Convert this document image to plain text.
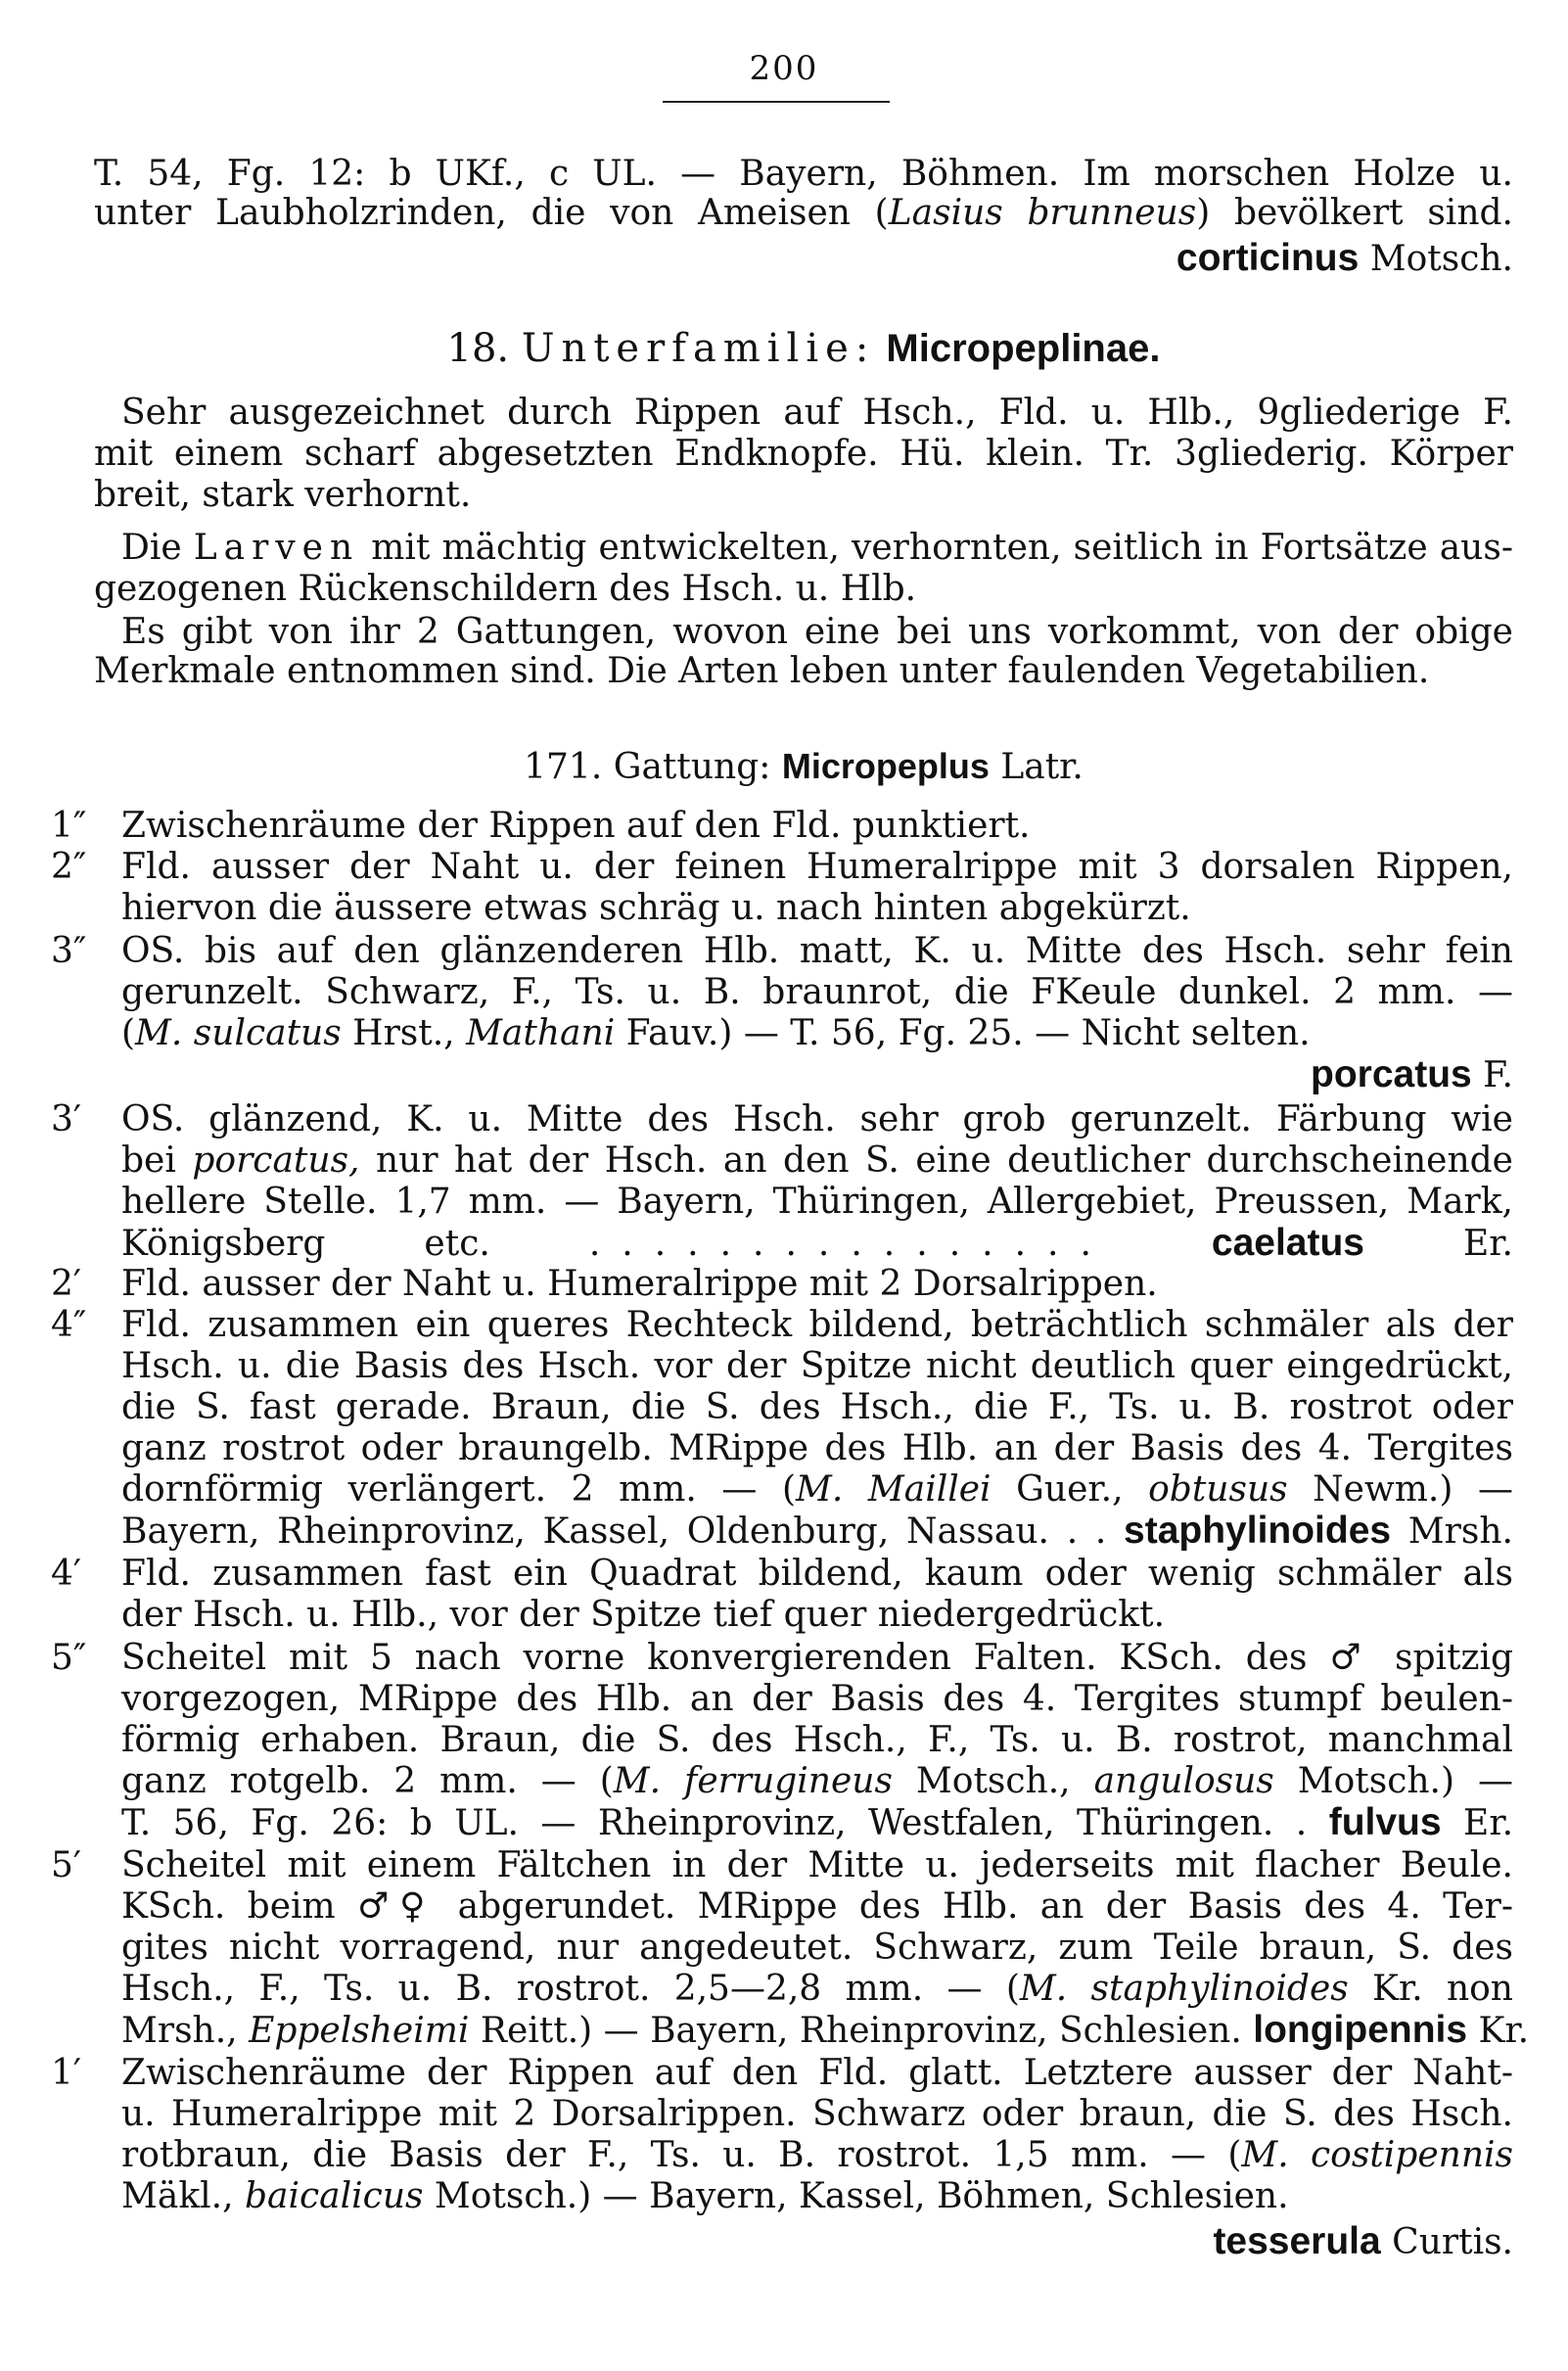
200
T. 54, Fg. 12: b UKf., c UL. — Bayern, Böhmen. Im morschen Holze u.
unter Laubholzrinden, die von Ameisen (Lasius brunneus) bevölkert sind.
corticinus Motsch.
18. Unterfamilie: Micropeplinae.
Sehr ausgezeichnet durch Rippen auf Hsch., Fld. u. Hlb., 9gliederige F.
mit einem scharf abgesetzten Endknopfe. Hü. klein. Tr. 3gliederig. Körper
breit, stark verhornt.
Die Larven mit mächtig entwickelten, verhornten, seitlich in Fortsätze aus-
gezogenen Rückenschildern des Hsch. u. Hlb.
Es gibt von ihr 2 Gattungen, wovon eine bei uns vorkommt, von der obige
Merkmale entnommen sind. Die Arten leben unter faulenden Vegetabilien.
171. Gattung: Micropeplus Latr.
1″ Zwischenräume der Rippen auf den Fld. punktiert.
2″ Fld. ausser der Naht u. der feinen Humeralrippe mit 3 dorsalen Rippen,
hiervon die äussere etwas schräg u. nach hinten abgekürzt.
3″ OS. bis auf den glänzenderen Hlb. matt, K. u. Mitte des Hsch. sehr fein
gerunzelt. Schwarz, F., Ts. u. B. braunrot, die FKeule dunkel. 2 mm. —
(M. sulcatus Hrst., Mathani Fauv.) — T. 56, Fg. 25. — Nicht selten.
porcatus F.
3′	OS. glänzend, K. u. Mitte des Hsch. sehr grob gerunzelt. Färbung wie
bei porcatus, nur hat der Hsch. an den S. eine deutlicher durchscheinende
hellere Stelle. 1,7 mm. — Bayern, Thüringen, Allergebiet, Preussen, Mark,
Königsberg etc.	................	caelatus Er.
2′	Fld. ausser der Naht u. Humeralrippe mit 2 Dorsalrippen.
4″ Fld. zusammen ein queres Rechteck bildend, beträchtlich schmäler als der
Hsch. u. die Basis des Hsch. vor der Spitze nicht deutlich quer eingedrückt,
die S. fast gerade. Braun, die S. des Hsch., die F., Ts. u. B. rostrot oder
ganz rostrot oder braungelb. MRippe des Hlb. an der Basis des 4. Tergites
dornförmig verlängert. 2 mm. — (M. Maillei Guer., obtusus Newm.) —
Bayern, Rheinprovinz, Kassel, Oldenburg, Nassau. . . staphylinoides Mrsh.
4′	Fld. zusammen fast ein Quadrat bildend, kaum oder wenig schmäler als
der Hsch. u. Hlb., vor der Spitze tief quer niedergedrückt.
5″ Scheitel mit 5 nach vorne konvergierenden Falten. KSch. des ♂ spitzig
vorgezogen, MRippe des Hlb. an der Basis des 4. Tergites stumpf beulen-
förmig erhaben. Braun, die S. des Hsch., F., Ts. u. B. rostrot, manchmal
ganz rotgelb. 2 mm. — (M. ferrugineus Motsch., angulosus Motsch.) —
T. 56, Fg. 26: b UL. — Rheinprovinz, Westfalen, Thüringen. . fulvus Er.
5′	Scheitel mit einem Fältchen in der Mitte u. jederseits mit flacher Beule.
KSch. beim ♂♀ abgerundet. MRippe des Hlb. an der Basis des 4. Ter-
gites nicht vorragend, nur angedeutet. Schwarz, zum Teile braun, S. des
Hsch., F., Ts. u. B. rostrot. 2,5—2,8 mm. — (M. staphylinoides Kr. non
Mrsh., Eppelsheimi Reitt.) — Bayern, Rheinprovinz, Schlesien. longipennis Kr.
1′	Zwischenräume der Rippen auf den Fld. glatt. Letztere ausser der Naht-
u. Humeralrippe mit 2 Dorsalrippen. Schwarz oder braun, die S. des Hsch.
rotbraun, die Basis der F., Ts. u. B. rostrot. 1,5 mm. — (M. costipennis
Mäkl., baicalicus Motsch.) — Bayern, Kassel, Böhmen, Schlesien.
tesserula Curtis.
